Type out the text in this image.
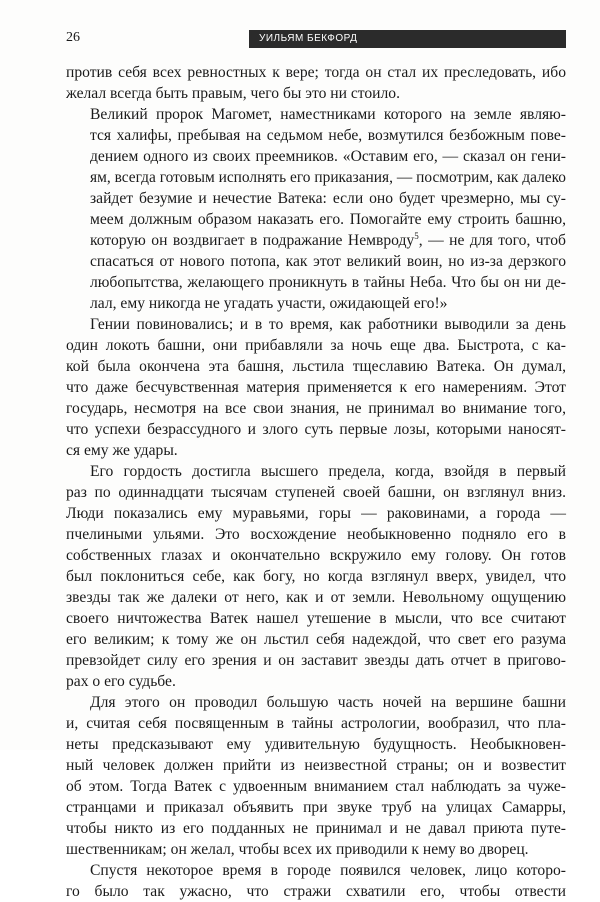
26	УИЛЬЯМ БЕКФОРД

против себя всех ревностных к вере; тогда он стал их преследовать, ибо
желал всегда быть правым, чего бы это ни стоило.

Великий пророк Магомет, наместниками которого на земле являю-
тся халифы, пребывая на седьмом небе, возмутился безбожным пове-
дением одного из своих преемников. «Оставим его, — сказал он гени-
ям, всегда готовым исполнять его приказания, — посмотрим, как далеко
зайдет безумие и нечестие Ватека: если оно будет чрезмерно, мы су-
меем должным образом наказать его. Помогайте ему строить башню,
которую он воздвигает в подражание Немвроду$^5$, — не для того, чтоб
спасаться от нового потопа, как этот великий воин, но из-за дерзкого
любопытства, желающего проникнуть в тайны Неба. Что бы он ни де-
лал, ему никогда не угадать участи, ожидающей его!»

Гении повиновались; и в то время, как работники выводили за день
один локоть башни, они прибавляли за ночь еще два. Быстрота, с ка-
кой была окончена эта башня, льстила тщеславию Ватека. Он думал,
что даже бесчувственная материя применяется к его намерениям. Этот
государь, несмотря на все свои знания, не принимал во внимание того,
что успехи безрассудного и злого суть первые лозы, которыми наносят-
ся ему же удары.

Его гордость достигла высшего предела, когда, взойдя в первый
раз по одиннадцати тысячам ступеней своей башни, он взглянул вниз.
Люди показались ему муравьями, горы — раковинами, а города —
пчелиными ульями. Это восхождение необыкновенно подняло его в
собственных глазах и окончательно вскружило ему голову. Он готов
был поклониться себе, как богу, но когда взглянул вверх, увидел, что
звезды так же далеки от него, как и от земли. Невольному ощущению
своего ничтожества Ватек нашел утешение в мысли, что все считают
его великим; к тому же он льстил себя надеждой, что свет его разума
превзойдет силу его зрения и он заставит звезды дать отчет в пригово-
рах о его судьбе.

Для этого он проводил большую часть ночей на вершине башни
и, считая себя посвященным в тайны астрологии, вообразил, что пла-
неты предсказывают ему удивительную будущность. Необыкновен-
ный человек должен прийти из неизвестной страны; он и возвестит
об этом. Тогда Ватек с удвоенным вниманием стал наблюдать за чуже-
странцами и приказал объявить при звуке труб на улицах Самарры,
чтобы никто из его подданных не принимал и не давал приюта путе-
шественникам; он желал, чтобы всех их приводили к нему во дворец.

Спустя некоторое время в городе появился человек, лицо которо-
го было так ужасно, что стражи схватили его, чтобы отвести
